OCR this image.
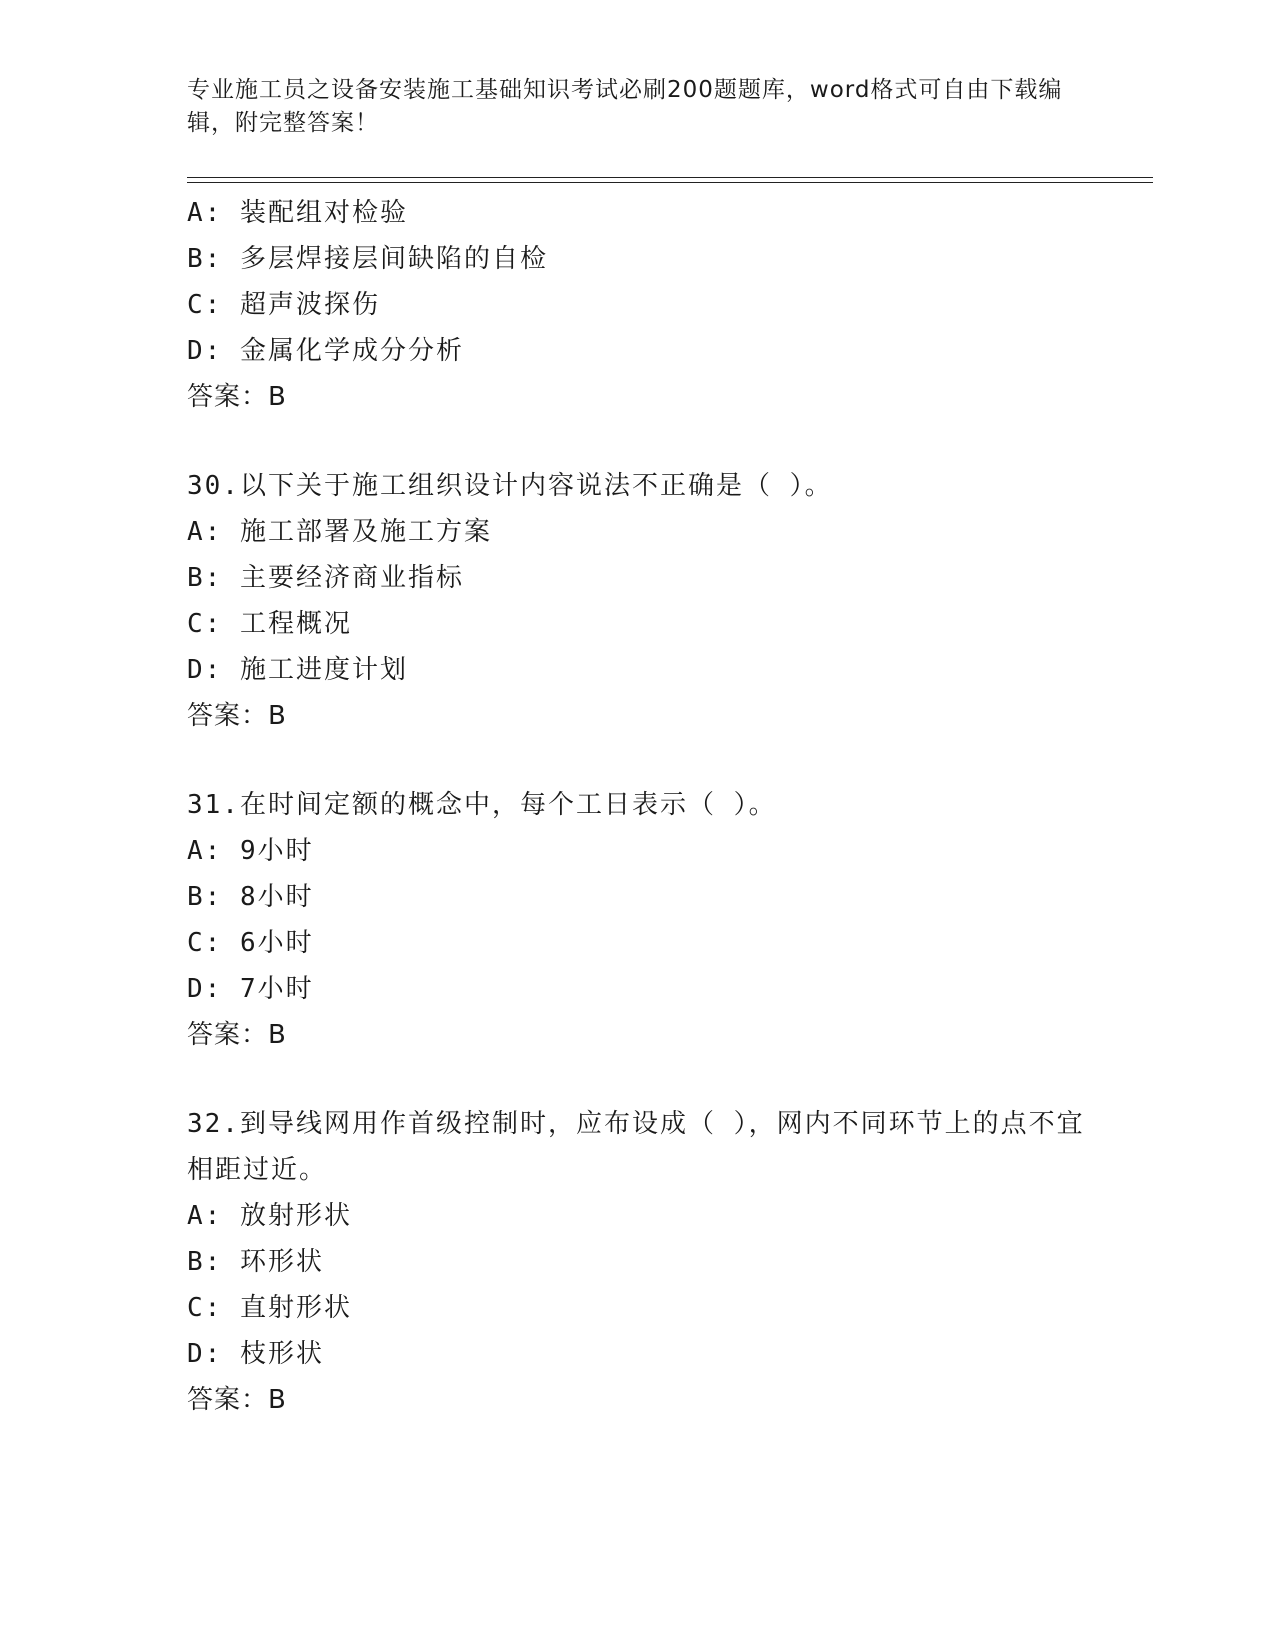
专业施工员之设备安装施工基础知识考试必刷200题题库，word格式可自由下载编辑，附完整答案！
A: 装配组对检验
B: 多层焊接层间缺陷的自检
C: 超声波探伤
D: 金属化学成分分析
答案：B
30.以下关于施工组织设计内容说法不正确是（ ）。
A: 施工部署及施工方案
B: 主要经济商业指标
C: 工程概况
D: 施工进度计划
答案：B
31.在时间定额的概念中，每个工日表示（ ）。
A: 9小时
B: 8小时
C: 6小时
D: 7小时
答案：B
32.到导线网用作首级控制时，应布设成（ ），网内不同环节上的点不宜相距过近。
A: 放射形状
B: 环形状
C: 直射形状
D: 枝形状
答案：B
